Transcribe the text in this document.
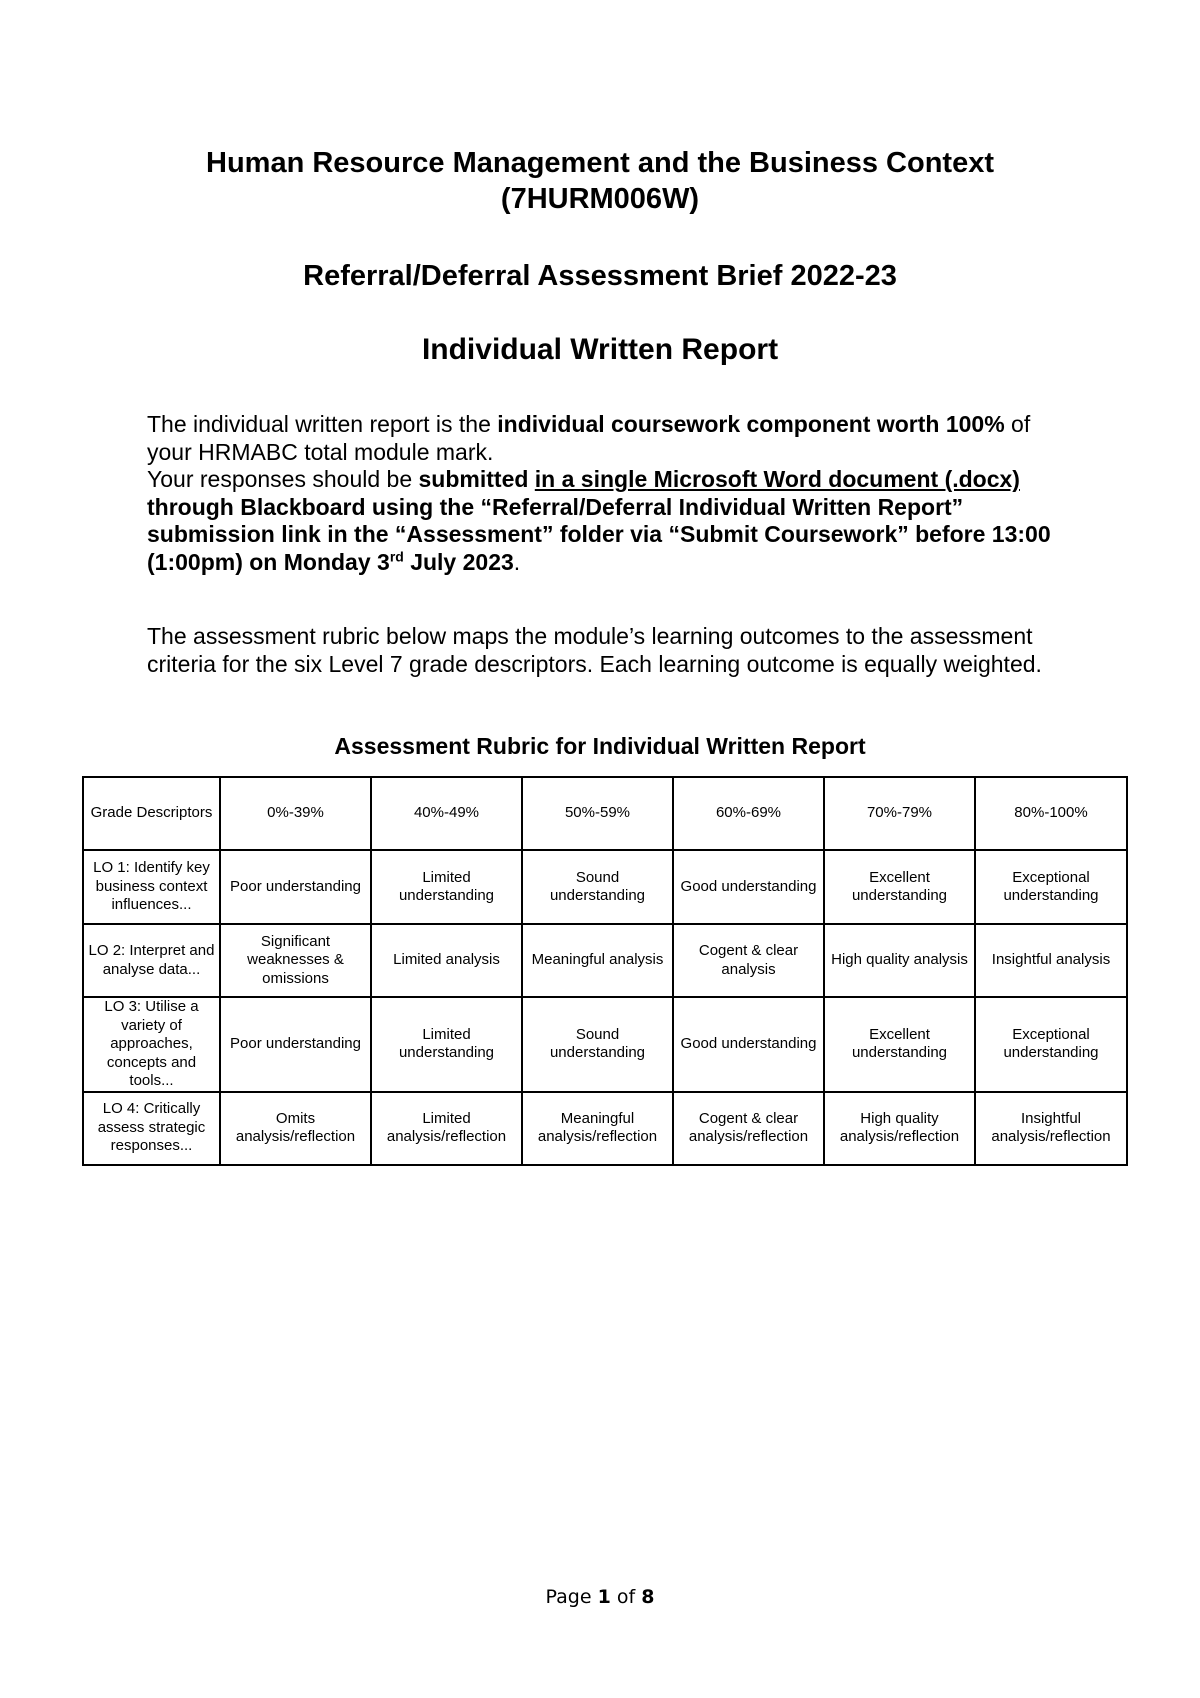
Human Resource Management and the Business Context
(7HURM006W)
Referral/Deferral Assessment Brief 2022-23
Individual Written Report
The individual written report is the individual coursework component worth 100% of your HRMABC total module mark.
Your responses should be submitted in a single Microsoft Word document (.docx) through Blackboard using the “Referral/Deferral Individual Written Report” submission link in the “Assessment” folder via “Submit Coursework” before 13:00 (1:00pm) on Monday 3rd July 2023.
The assessment rubric below maps the module’s learning outcomes to the assessment criteria for the six Level 7 grade descriptors. Each learning outcome is equally weighted.
Assessment Rubric for Individual Written Report
Grade Descriptors	0%-39%	40%-49%	50%-59%	60%-69%	70%-79%	80%-100%
LO 1: Identify key business context influences...	Poor understanding	Limited understanding	Sound understanding	Good understanding	Excellent understanding	Exceptional understanding
LO 2: Interpret and analyse data...	Significant weaknesses & omissions	Limited analysis	Meaningful analysis	Cogent & clear analysis	High quality analysis	Insightful analysis
LO 3: Utilise a variety of approaches, concepts and tools...	Poor understanding	Limited understanding	Sound understanding	Good understanding	Excellent understanding	Exceptional understanding
LO 4: Critically assess strategic responses...	Omits analysis/reflection	Limited analysis/reflection	Meaningful analysis/reflection	Cogent & clear analysis/reflection	High quality analysis/reflection	Insightful analysis/reflection
Page 1 of 8
